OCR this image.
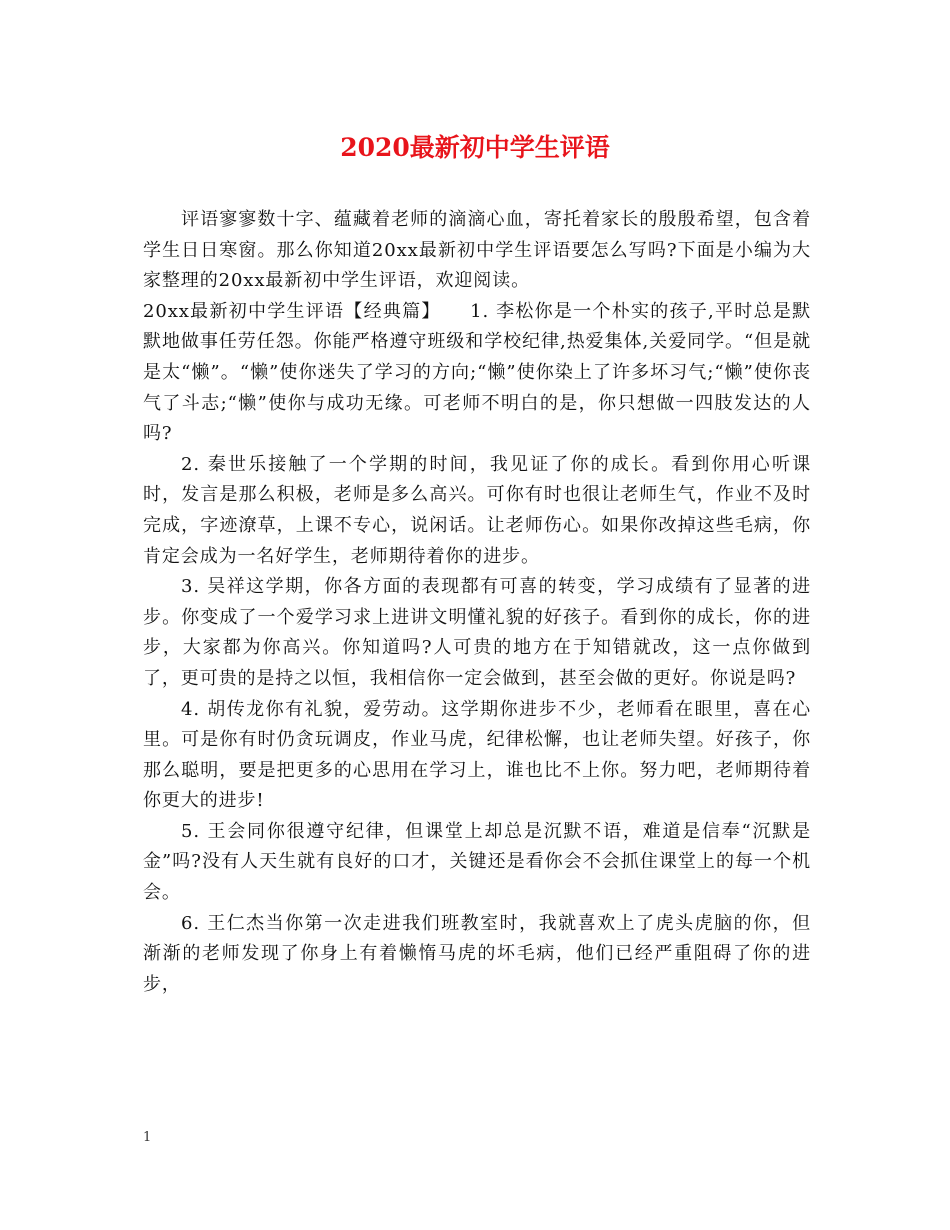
2020最新初中学生评语

评语寥寥数十字、蕴藏着老师的滴滴心血，寄托着家长的殷殷希望，包含着学生日日寒窗。那么你知道20xx最新初中学生评语要怎么写吗?下面是小编为大家整理的20xx最新初中学生评语，欢迎阅读。

20xx最新初中学生评语【经典篇】　　1. 李松你是一个朴实的孩子,平时总是默默地做事任劳任怨。你能严格遵守班级和学校纪律,热爱集体,关爱同学。“但是就是太“懒”。“懒”使你迷失了学习的方向;“懒”使你染上了许多坏习气;“懒”使你丧气了斗志;“懒”使你与成功无缘。可老师不明白的是，你只想做一四肢发达的人吗?

2. 秦世乐接触了一个学期的时间，我见证了你的成长。看到你用心听课时，发言是那么积极，老师是多么高兴。可你有时也很让老师生气，作业不及时完成，字迹潦草，上课不专心，说闲话。让老师伤心。如果你改掉这些毛病，你肯定会成为一名好学生，老师期待着你的进步。

3. 吴祥这学期，你各方面的表现都有可喜的转变，学习成绩有了显著的进步。你变成了一个爱学习求上进讲文明懂礼貌的好孩子。看到你的成长，你的进步，大家都为你高兴。你知道吗?人可贵的地方在于知错就改，这一点你做到了，更可贵的是持之以恒，我相信你一定会做到，甚至会做的更好。你说是吗?

4. 胡传龙你有礼貌，爱劳动。这学期你进步不少，老师看在眼里，喜在心里。可是你有时仍贪玩调皮，作业马虎，纪律松懈，也让老师失望。好孩子，你那么聪明，要是把更多的心思用在学习上，谁也比不上你。努力吧，老师期待着你更大的进步!

5. 王会同你很遵守纪律，但课堂上却总是沉默不语，难道是信奉“沉默是金”吗?没有人天生就有良好的口才，关键还是看你会不会抓住课堂上的每一个机会。

6. 王仁杰当你第一次走进我们班教室时，我就喜欢上了虎头虎脑的你，但渐渐的老师发现了你身上有着懒惰马虎的坏毛病，他们已经严重阻碍了你的进步，

1
